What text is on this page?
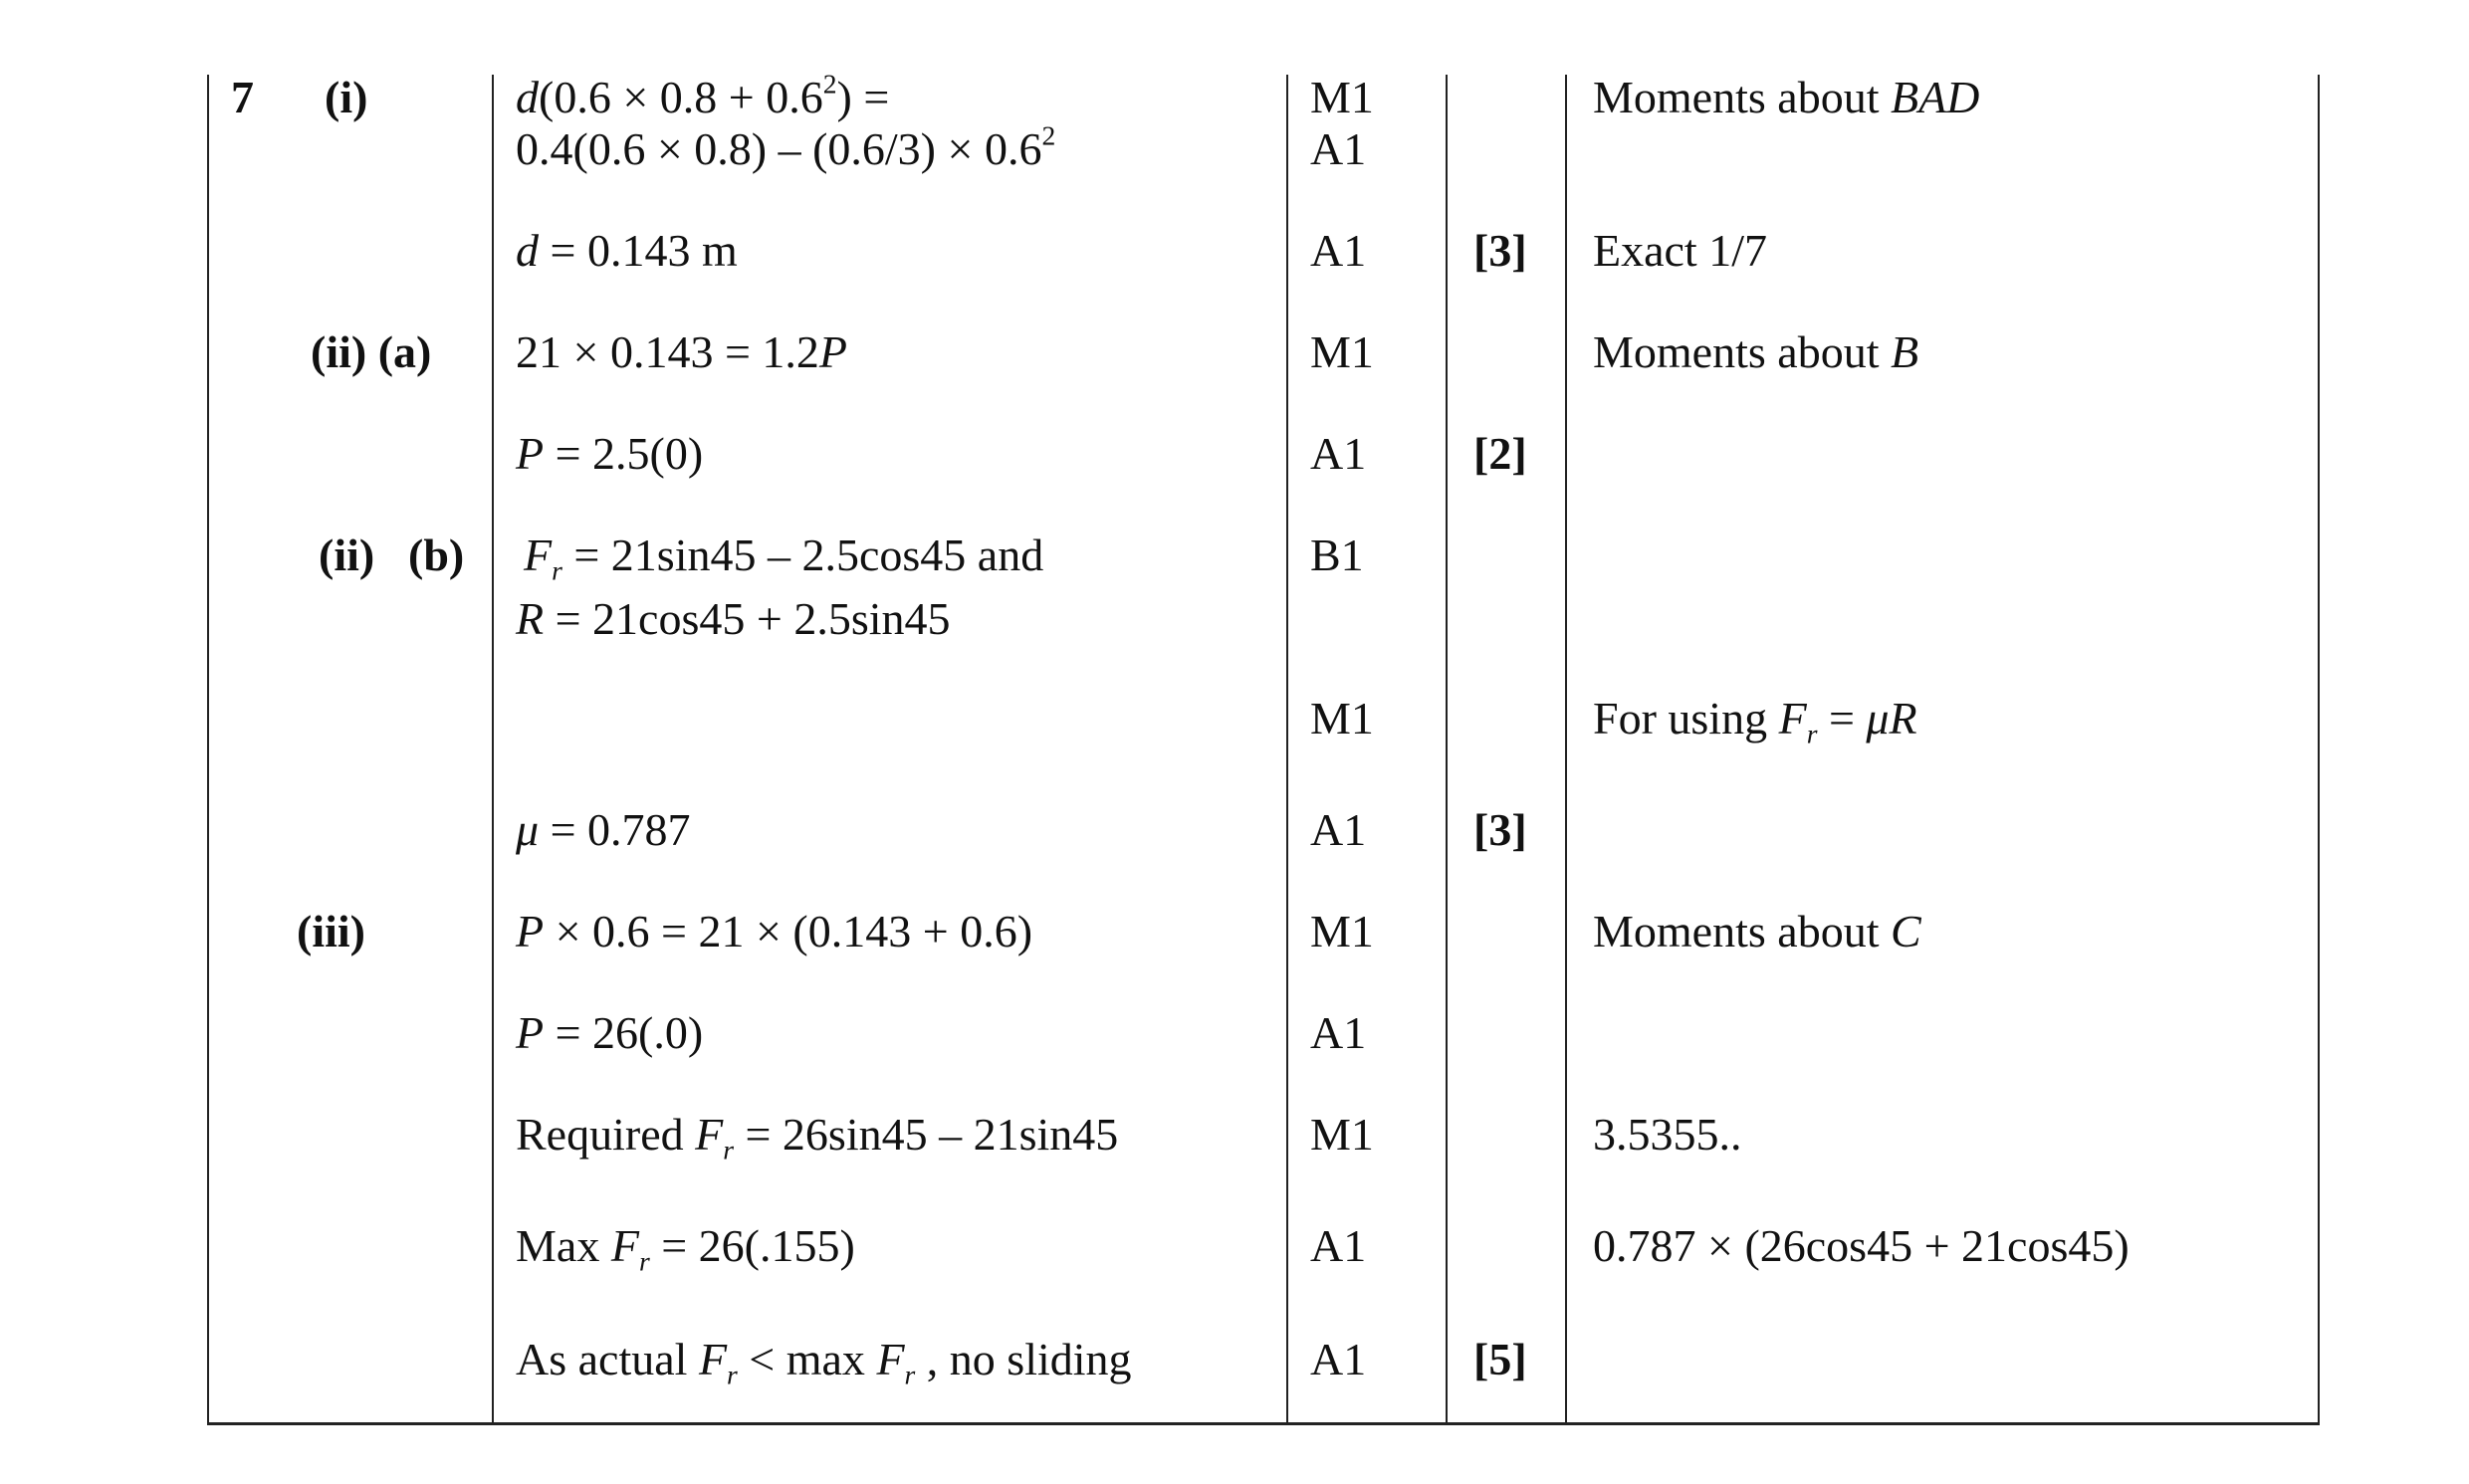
7 (i)
(ii) (a)
(ii) (b)
(iii)
$d(0.6 \times 0.8 + 0.6^2)$ =
$0.4(0.6 \times 0.8) - (0.6/3) \times 0.6^2$
d = 0.143 m
21 × 0.143 = 1.2P
P = 2.5(0)
$F_r = 21\sin 45 - 2.5\cos 45$ and
R = 21cos45 + 2.5sin45
μ = 0.787
P × 0.6 = 21 × (0.143 + 0.6)
P = 26(.0)
Required $F_r = 26\sin 45 - 21\sin 45$
Max $F_r = 26(.155)$
As actual $F_r < \max F_r$ , no sliding
M1
A1
A1
M1
A1
B1
M1
A1
M1
A1
M1
A1
A1
[3]
[2]
[3]
[5]
Moments about BAD
Exact 1/7
Moments about B
For using $F_r = \mu R$
Moments about C
3.5355..
0.787 × (26cos45 + 21cos45)
